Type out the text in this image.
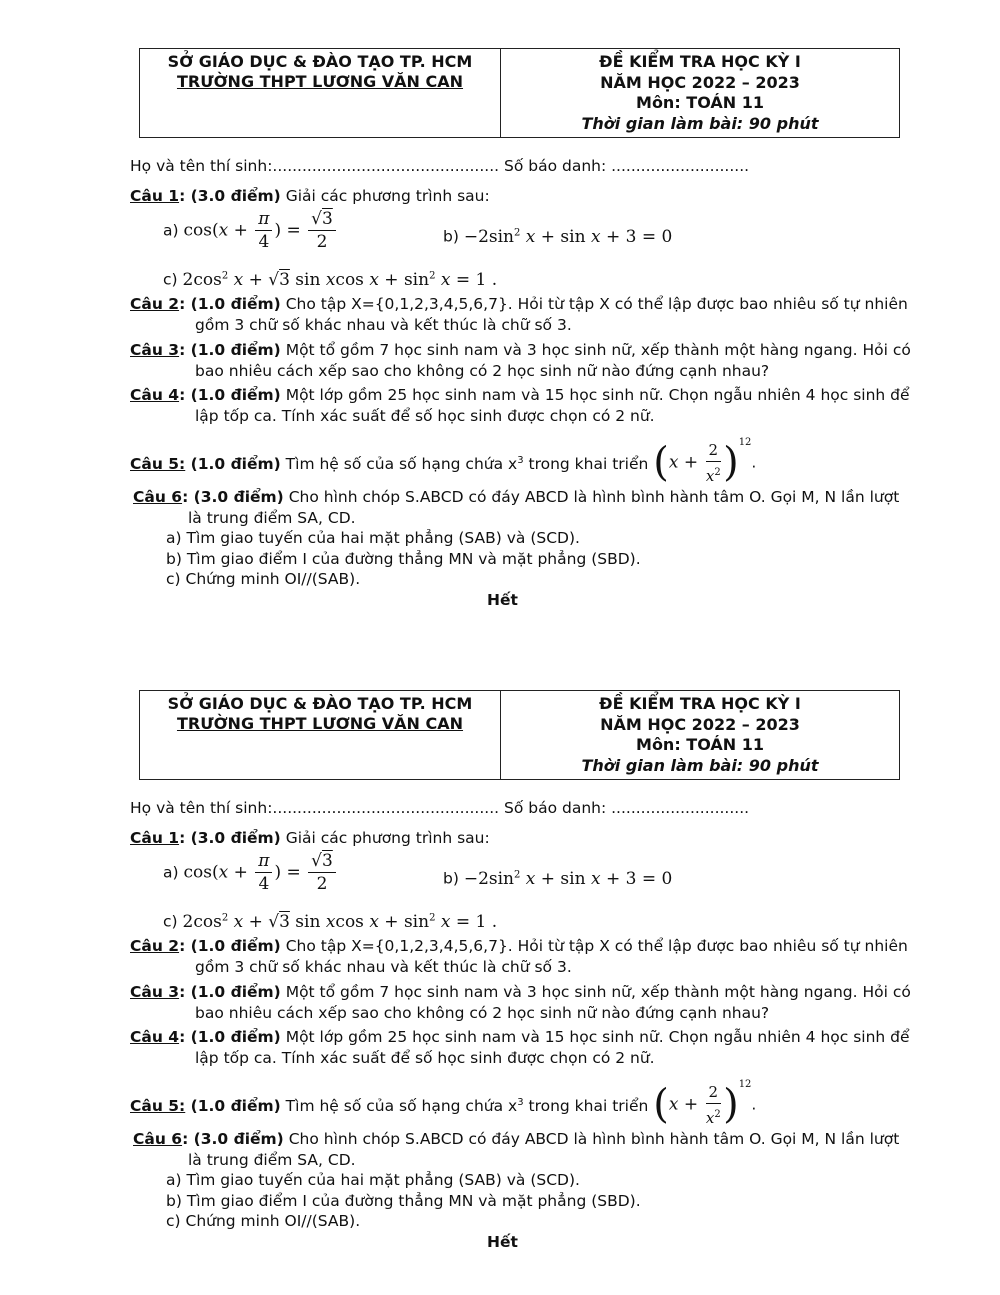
SỞ GIÁO DỤC & ĐÀO TẠO TP. HCM
TRƯỜNG THPT LƯƠNG VĂN CAN
ĐỀ KIỂM TRA HỌC KỲ I
NĂM HỌC 2022 – 2023
Môn: TOÁN 11
Thời gian làm bài: 90 phút
Họ và tên thí sinh:.............................................. Số báo danh: ............................
Câu 1: (3.0 điểm) Giải các phương trình sau:
a) $\cos(x + \frac{\pi}{4}$ ) = $\frac{√3}{2}$	$b) -2\sin^2$ x + sin x + 3 = 0
c) $2\cos^2$ x + √3 sin xcos $x + \sin^2 x = 1$ .
Câu 2: (1.0 điểm) Cho tập X={0,1,2,3,4,5,6,7}. Hỏi từ tập X có thể lập được bao nhiêu số tự nhiên
gồm 3 chữ số khác nhau và kết thúc là chữ số 3.
Câu 3: (1.0 điểm) Một tổ gồm 7 học sinh nam và 3 học sinh nữ, xếp thành một hàng ngang. Hỏi có
bao nhiêu cách xếp sao cho không có 2 học sinh nữ nào đứng cạnh nhau?
Câu 4: (1.0 điểm) Một lớp gồm 25 học sinh nam và 15 học sinh nữ. Chọn ngẫu nhiên 4 học sinh để
lập tốp ca. Tính xác suất để số học sinh được chọn có 2 nữ.
Câu 5: (1.0 điểm) Tìm hệ số của số hạng chứa $x^3$ trong khai triển $(x + \frac{2}{x^2} )^{12}$.
Câu 6: (3.0 điểm) Cho hình chóp S.ABCD có đáy ABCD là hình bình hành tâm O. Gọi M, N lần lượt
là trung điểm SA, CD.
a) Tìm giao tuyến của hai mặt phẳng (SAB) và (SCD).
b) Tìm giao điểm I của đường thẳng MN và mặt phẳng (SBD).
c) Chứng minh OI//(SAB).
Hết
SỞ GIÁO DỤC & ĐÀO TẠO TP. HCM
TRƯỜNG THPT LƯƠNG VĂN CAN
ĐỀ KIỂM TRA HỌC KỲ I
NĂM HỌC 2022 – 2023
Môn: TOÁN 11
Thời gian làm bài: 90 phút
Họ và tên thí sinh:.............................................. Số báo danh: ............................
Câu 1: (3.0 điểm) Giải các phương trình sau:
a) $\cos(x + \frac{\pi}{4}$ ) = $\frac{√3}{2}$	$b) -2\sin^2$ x + sin x + 3 = 0
c) $2\cos^2$ x + √3 sin xcos $x + \sin^2 x = 1$ .
Câu 2: (1.0 điểm) Cho tập X={0,1,2,3,4,5,6,7}. Hỏi từ tập X có thể lập được bao nhiêu số tự nhiên
gồm 3 chữ số khác nhau và kết thúc là chữ số 3.
Câu 3: (1.0 điểm) Một tổ gồm 7 học sinh nam và 3 học sinh nữ, xếp thành một hàng ngang. Hỏi có
bao nhiêu cách xếp sao cho không có 2 học sinh nữ nào đứng cạnh nhau?
Câu 4: (1.0 điểm) Một lớp gồm 25 học sinh nam và 15 học sinh nữ. Chọn ngẫu nhiên 4 học sinh để
lập tốp ca. Tính xác suất để số học sinh được chọn có 2 nữ.
Câu 5: (1.0 điểm) Tìm hệ số của số hạng chứa $x^3$ trong khai triển $(x + \frac{2}{x^2} )^{12}$.
Câu 6: (3.0 điểm) Cho hình chóp S.ABCD có đáy ABCD là hình bình hành tâm O. Gọi M, N lần lượt
là trung điểm SA, CD.
a) Tìm giao tuyến của hai mặt phẳng (SAB) và (SCD).
b) Tìm giao điểm I của đường thẳng MN và mặt phẳng (SBD).
c) Chứng minh OI//(SAB).
Hết
